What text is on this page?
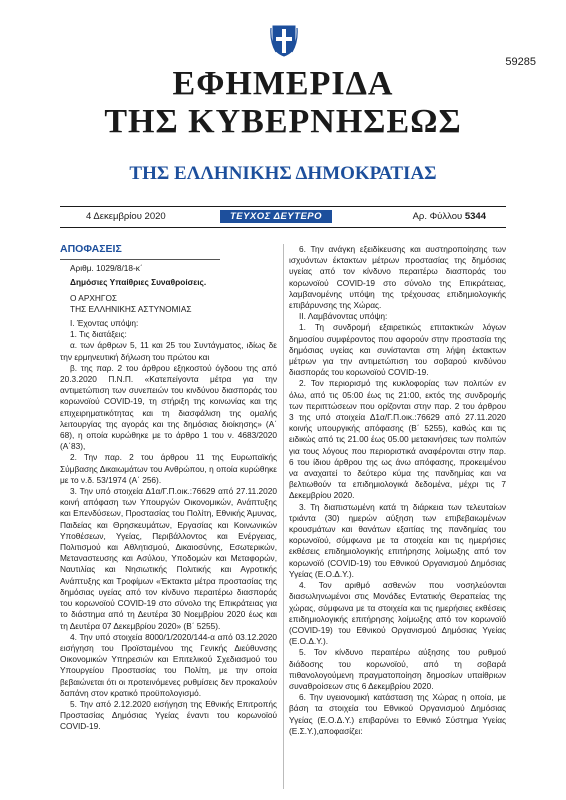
59285
ΕΦΗΜΕΡΙΔΑ
ΤΗΣ ΚΥΒΕΡΝΗΣΕΩΣ
ΤΗΣ ΕΛΛΗΝΙΚΗΣ ΔΗΜΟΚΡΑΤΙΑΣ
4 Δεκεμβρίου 2020	ΤΕΥΧΟΣ ΔΕΥΤΕΡΟ	Αρ. Φύλλου 5344

ΑΠΟΦΑΣΕΙΣ

Αριθμ. 1029/8/18-κ΄

Δημόσιες Υπαίθριες Συναθροίσεις.

Ο ΑΡΧΗΓΟΣ

ΤΗΣ ΕΛΛΗΝΙΚΗΣ ΑΣΤΥΝΟΜΙΑΣ

Ι. Έχοντας υπόψη:

1. Τις διατάξεις:

α. των άρθρων 5, 11 και 25 του Συντάγματος, ιδίως δε την ερμηνευτική δήλωση του πρώτου και

β. της παρ. 2 του άρθρου εξηκοστού όγδοου της από 20.3.2020 Π.Ν.Π. «Κατεπείγοντα μέτρα για την αντιμετώπιση των συνεπειών του κινδύνου διασποράς του κορωνοϊού COVID-19, τη στήριξη της κοινωνίας και της επιχειρηματικότητας και τη διασφάλιση της ομαλής λειτουργίας της αγοράς και της δημόσιας διοίκησης» (Α΄ 68), η οποία κυρώθηκε με το άρθρο 1 του ν. 4683/2020 (Α΄83),

2. Την παρ. 2 του άρθρου 11 της Ευρωπαϊκής Σύμβασης Δικαιωμάτων του Ανθρώπου, η οποία κυρώθηκε με το ν.δ. 53/1974 (Α΄ 256).

3. Την υπό στοιχεία Δ1α/Γ.Π.οικ.:76629 από 27.11.2020 κοινή απόφαση των Υπουργών Οικονομικών, Ανάπτυξης και Επενδύσεων, Προστασίας του Πολίτη, Εθνικής Άμυνας, Παιδείας και Θρησκευμάτων, Εργασίας και Κοινωνικών Υποθέσεων, Υγείας, Περιβάλλοντος και Ενέργειας, Πολιτισμού και Αθλητισμού, Δικαιοσύνης, Εσωτερικών, Μεταναστευσης και Ασύλου, Υποδομών και Μεταφορών, Ναυτιλίας και Νησιωτικής Πολιτικής και Αγροτικής Ανάπτυξης και Τροφίμων «Έκτακτα μέτρα προστασίας της δημόσιας υγείας από τον κίνδυνο περαιτέρω διασποράς του κορωνοϊού COVID-19 στο σύνολο της Επικράτειας για το διάστημα από τη Δευτέρα 30 Νοεμβρίου 2020 έως και τη Δευτέρα 07 Δεκεμβρίου 2020» (Β΄ 5255).

4. Την υπό στοιχεία 8000/1/2020/144-α από 03.12.2020 εισήγηση του Προϊσταμένου της Γενικής Διεύθυνσης Οικονομικών Υπηρεσιών και Επιτελικού Σχεδιασμού του Υπουργείου Προστασίας του Πολίτη, με την οποία βεβαιώνεται ότι οι προτεινόμενες ρυθμίσεις δεν προκαλούν δαπάνη στον κρατικό προϋπολογισμό.

5. Την από 2.12.2020 εισήγηση της Εθνικής Επιτροπής Προστασίας Δημόσιας Υγείας έναντι του κορωνοϊού COVID-19.

6. Την ανάγκη εξειδίκευσης και αυστηροποίησης των ισχυόντων έκτακτων μέτρων προστασίας της δημόσιας υγείας από τον κίνδυνο περαιτέρω διασποράς του κορωνοϊού COVID-19 στο σύνολο της Επικράτειας, λαμβανομένης υπόψη της τρέχουσας επιδημιολογικής επιβάρυνσης της Χώρας.

ΙΙ. Λαμβάνοντας υπόψη:

1. Τη συνδρομή εξαιρετικώς επιτακτικών λόγων δημοσίου συμφέροντος που αφορούν στην προστασία της δημόσιας υγείας και συνίστανται στη λήψη έκτακτων μέτρων για την αντιμετώπιση του σοβαρού κινδύνου διασποράς του κορωνοϊού COVID-19.

2. Τον περιορισμό της κυκλοφορίας των πολιτών εν όλω, από τις 05:00 έως τις 21:00, εκτός της συνδρομής των περιπτώσεων που ορίζονται στην παρ. 2 του άρθρου 3 της υπό στοιχεία Δ1α/Γ.Π.οικ.:76629 από 27.11.2020 κοινής υπουργικής απόφασης (Β΄ 5255), καθώς και τις ειδικώς από τις 21.00 έως 05.00 μετακινήσεις των πολιτών για τους λόγους που περιοριστικά αναφέρονται στην παρ. 6 του ίδιου άρθρου της ως άνω απόφασης, προκειμένου να αναχαιτεί το δεύτερο κύμα της πανδημίας και να βελτιωθούν τα επιδημιολογικά δεδομένα, μέχρι τις 7 Δεκεμβρίου 2020.

3. Τη διαπιστωμένη κατά τη διάρκεια των τελευταίων τριάντα (30) ημερών αύξηση των επιβεβαιωμένων κρουσμάτων και θανάτων εξαιτίας της πανδημίας του κορωνοϊού, σύμφωνα με τα στοιχεία και τις ημερήσιες εκθέσεις επιδημιολογικής επιτήρησης λοίμωξης από τον κορωνοϊό (COVID-19) του Εθνικού Οργανισμού Δημόσιας Υγείας (Ε.Ο.Δ.Υ.).

4. Τον αριθμό ασθενών που νοσηλεύονται διασωληνωμένοι στις Μονάδες Εντατικής Θεραπείας της χώρας, σύμφωνα με τα στοιχεία και τις ημερήσιες εκθέσεις επιδημιολογικής επιτήρησης λοίμωξης από τον κορωνοϊό (COVID-19) του Εθνικού Οργανισμού Δημόσιας Υγείας (Ε.Ο.Δ.Υ.).

5. Τον κίνδυνο περαιτέρω αύξησης του ρυθμού διάδοσης του κορωνοϊού, από τη σοβαρά πιθανολογούμενη πραγματοποίηση δημοσίων υπαίθριων συναθροίσεων στις 6 Δεκεμβρίου 2020.

6. Την υγειονομική κατάσταση της Χώρας η οποία, με βάση τα στοιχεία του Εθνικού Οργανισμού Δημόσιας Υγείας (Ε.Ο.Δ.Υ.) επιβαρύνει το Εθνικό Σύστημα Υγείας (Ε.Σ.Υ.),αποφασίζει:
